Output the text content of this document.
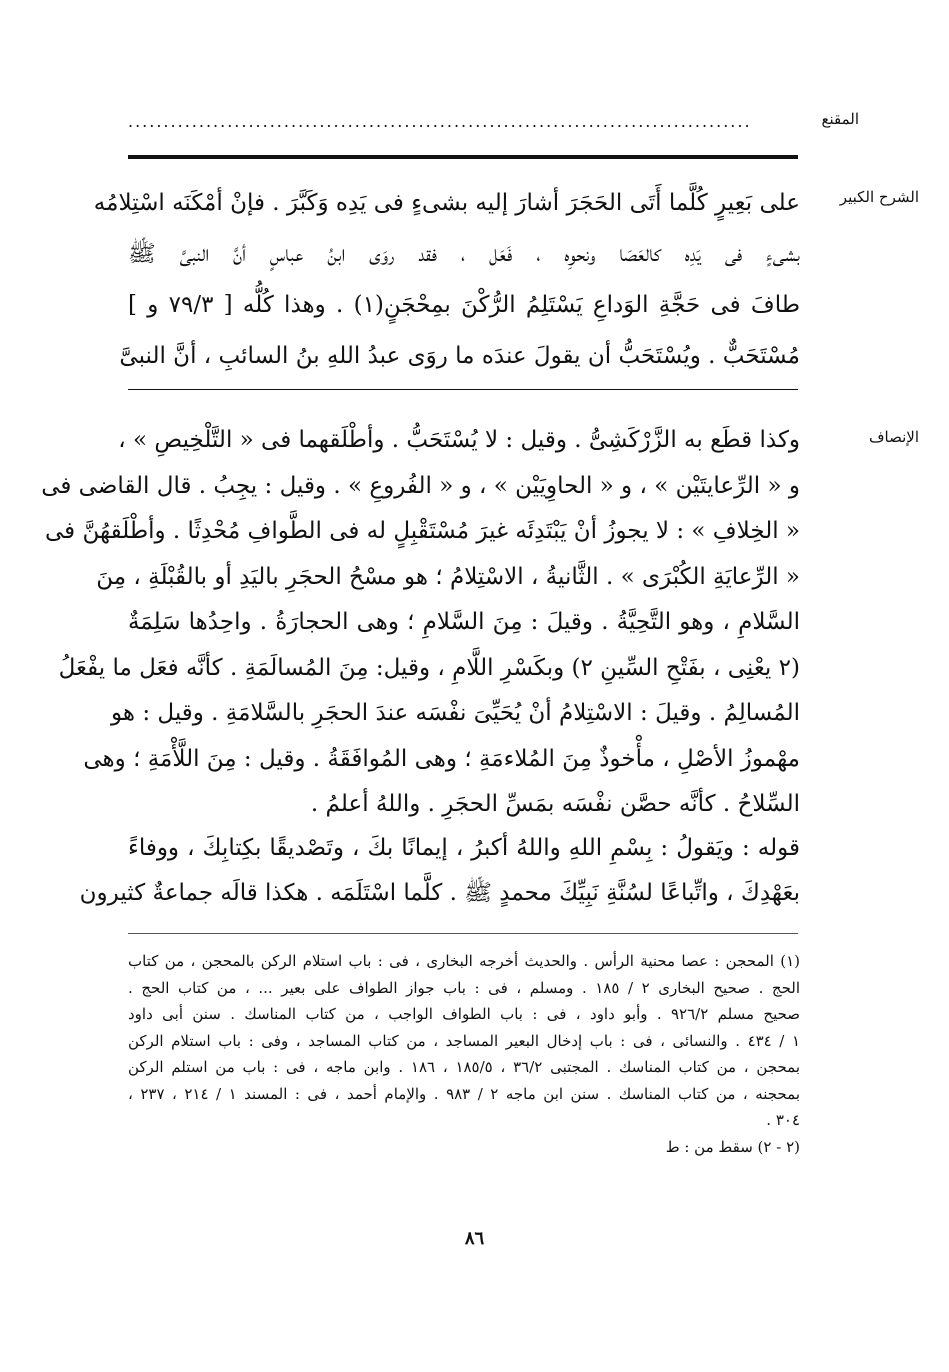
المقنع
........................................................................................
الشرح الكبير
على بَعِيرٍ كُلَّما أَتَى الحَجَرَ أشارَ إليه بشىءٍ فى يَدِه وَكَبَّرَ . فإنْ أمْكَنَه اسْتِلامُه
بشىءٍ فى يَدِه كالعَصَا ونحوِه ، فَعَل ، فقد روَى ابنُ عباسٍ أنَّ النبىَّ ﷺ
طافَ فى حَجَّةِ الوَداعِ يَسْتَلِمُ الرُّكْنَ بمِحْجَنٍ(١) . وهذا كُلُّه [ ٧٩/٣ و ]
مُسْتَحَبٌّ . ويُسْتَحَبُّ أن يقولَ عندَه ما روَى عبدُ اللهِ بنُ السائبِ ، أنَّ النبىَّ
الإنصاف
وكذا قطَع به الزَّرْكَشِىُّ . وقيل : لا يُسْتَحَبُّ . وأطْلَقهما فى « التَّلْخِيصِ » ،
و « الرِّعايتَيْن » ، و « الحاوِيَيْن » ، و « الفُروعِ » . وقيل : يجِبُ . قال القاضى فى
« الخِلافِ » : لا يجوزُ أنْ يَبْتَدِئَه غيرَ مُسْتَقْبِلٍ له فى الطَّوافِ مُحْدِثًا . وأطْلَقهُنَّ فى
« الرِّعايَةِ الكُبْرَى » . الثَّانيةُ ، الاسْتِلامُ ؛ هو مسْحُ الحجَرِ باليَدِ أو بالقُبْلَةِ ، مِنَ
السَّلامِ ، وهو التَّحِيَّةُ . وقيلَ : مِنَ السَّلامِ ؛ وهى الحجارَةُ . واحِدُها سَلِمَةٌ
(٢ يعْنِى ، بفَتْحِ السِّينِ ٢) وبكَسْرِ اللَّامِ ، وقيل: مِنَ المُسالَمَةِ . كأنَّه فعَل ما يفْعَلُ
المُسالِمُ . وقيلَ : الاسْتِلامُ أنْ يُحَيِّىَ نفْسَه عندَ الحجَرِ بالسَّلامَةِ . وقيل : هو
مهْموزُ الأصْلِ ، مأْخوذٌ مِنَ المُلاءمَةِ ؛ وهى المُوافَقَةُ . وقيل : مِنَ اللَّأْمَةِ ؛ وهى
السِّلاحُ . كأنَّه حصَّن نفْسَه بمَسِّ الحجَرِ . واللهُ أعلمُ .
قوله : ويَقولُ : بِسْمِ اللهِ واللهُ أكبرُ ، إيمانًا بكَ ، وتَصْديقًا بكِتابِكَ ، ووفاءً
بعَهْدِكَ ، واتِّباعًا لسُنَّةِ نَبِيِّكَ محمدٍ ﷺ . كلَّما اسْتَلَمَه . هكذا قالَه جماعةٌ كثيرون
(١) المحجن : عصا محنية الرأس . والحديث أخرجه البخارى ، فى : باب استلام الركن بالمحجن ، من كتاب
الحج . صحيح البخارى ٢ / ١٨٥ . ومسلم ، فى : باب جواز الطواف على بعير ... ، من كتاب الحج .
صحيح مسلم ٩٢٦/٢ . وأبو داود ، فى : باب الطواف الواجب ، من كتاب المناسك . سنن أبى داود
١ / ٤٣٤ . والنسائى ، فى : باب إدخال البعير المساجد ، من كتاب المساجد ، وفى : باب استلام الركن
بمحجن ، من كتاب المناسك . المجتبى ٣٦/٢ ، ١٨٥/٥ ، ١٨٦ . وابن ماجه ، فى : باب من استلم الركن
بمحجنه ، من كتاب المناسك . سنن ابن ماجه ٢ / ٩٨٣ . والإمام أحمد ، فى : المسند ١ / ٢١٤ ، ٢٣٧ ،
٣٠٤ .
(٢ - ٢) سقط من : ط
٨٦
